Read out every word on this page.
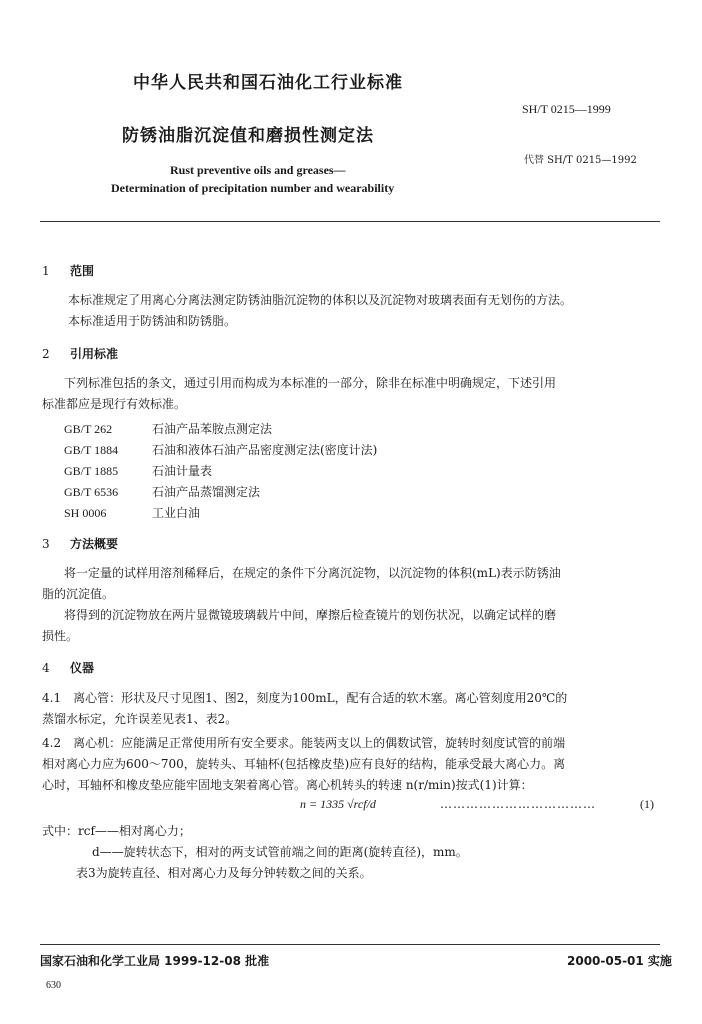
中华人民共和国石油化工行业标准
SH/T 0215—1999
防锈油脂沉淀值和磨损性测定法
代替 SH/T 0215—1992
Rust preventive oils and greases—
Determination of precipitation number and wearability
1 范围
本标准规定了用离心分离法测定防锈油脂沉淀物的体积以及沉淀物对玻璃表面有无划伤的方法。
本标准适用于防锈油和防锈脂。
2 引用标准
下列标准包括的条文，通过引用而构成为本标准的一部分，除非在标准中明确规定，下述引用
标准都应是现行有效标准。
GB/T 262	石油产品苯胺点测定法
GB/T 1884	石油和液体石油产品密度测定法(密度计法)
GB/T 1885	石油计量表
GB/T 6536	石油产品蒸馏测定法
SH 0006	工业白油
3 方法概要
将一定量的试样用溶剂稀释后，在规定的条件下分离沉淀物，以沉淀物的体积(mL)表示防锈油
脂的沉淀值。
将得到的沉淀物放在两片显微镜玻璃载片中间，摩擦后检查镜片的划伤状况，以确定试样的磨
损性。
4 仪器
4.1　离心管：形状及尺寸见图1、图2，刻度为100mL，配有合适的软木塞。离心管刻度用20℃的
蒸馏水标定，允许误差见表1、表2。
4.2　离心机：应能满足正常使用所有安全要求。能装两支以上的偶数试管，旋转时刻度试管的前端
相对离心力应为600～700，旋转头、耳轴杯(包括橡皮垫)应有良好的结构，能承受最大离心力。离
心时，耳轴杯和橡皮垫应能牢固地支架着离心管。离心机转头的转速 n(r/min)按式(1)计算：
n = 1335 √rcf/d	………………………………	(1)
式中：rcf——相对离心力；
d——旋转状态下，相对的两支试管前端之间的距离(旋转直径)，mm。
表3为旋转直径、相对离心力及每分钟转数之间的关系。
国家石油和化学工业局 1999-12-08 批准	2000-05-01 实施
630
